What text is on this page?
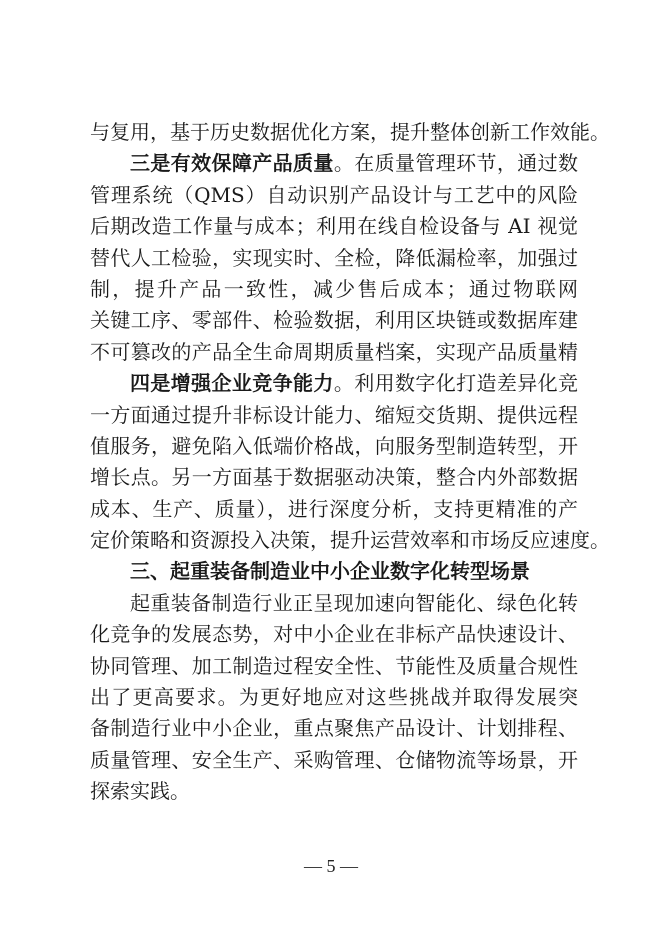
与复用，基于历史数据优化方案，提升整体创新工作效能。
三是有效保障产品质量。在质量管理环节，通过数
管理系统（QMS）自动识别产品设计与工艺中的风险
后期改造工作量与成本；利用在线自检设备与 AI 视觉
替代人工检验，实现实时、全检，降低漏检率，加强过
制，提升产品一致性，减少售后成本；通过物联网
关键工序、零部件、检验数据，利用区块链或数据库建
不可篡改的产品全生命周期质量档案，实现产品质量精
四是增强企业竞争能力。利用数字化打造差异化竞
一方面通过提升非标设计能力、缩短交货期、提供远程
值服务，避免陷入低端价格战，向服务型制造转型，开
增长点。另一方面基于数据驱动决策，整合内外部数据
成本、生产、质量），进行深度分析，支持更精准的产
定价策略和资源投入决策，提升运营效率和市场反应速度。
三、起重装备制造业中小企业数字化转型场景
起重装备制造行业正呈现加速向智能化、绿色化转
化竞争的发展态势，对中小企业在非标产品快速设计、
协同管理、加工制造过程安全性、节能性及质量合规性
出了更高要求。为更好地应对这些挑战并取得发展突
备制造行业中小企业，重点聚焦产品设计、计划排程、
质量管理、安全生产、采购管理、仓储物流等场景，开
探索实践。
— 5 —
